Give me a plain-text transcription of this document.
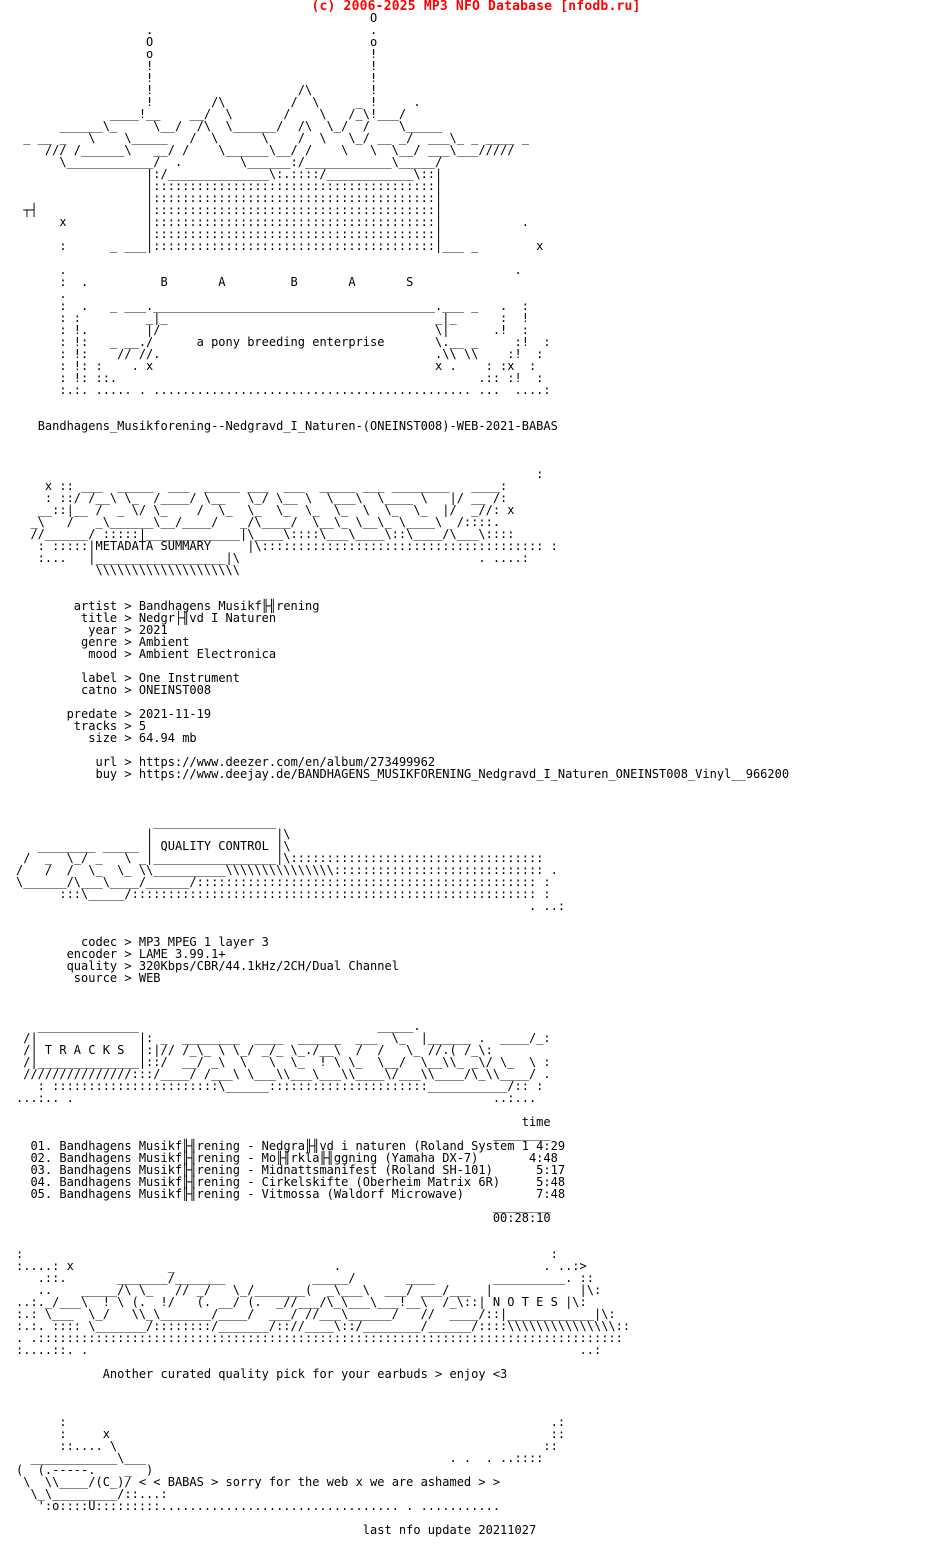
(c) 2006-2025 MP3 NFO Database [nfodb.ru]
O
.                              .
O                              o
o                              !
!                              !
!                              !
!                    /\        !
!        /\         /  \     _ !     .
____!__    __/  \       /    \   /_\!___/
______\_     \__/  /\  \______/  /\  \_/  /    \_____
_ __ _   \    \_____   /  \      \    /  \   \_/ __ _/  ___\_ _ ____ _
/// /______\   __/ /    \______\__/ /    \   \  \__/ ___\___/////
\____________/  .        \______:/____________\_____/
|:/______________\:.::::/____________\::|
|:::::::::::::::::::::::::::::::::::::::|
|:::::::::::::::::::::::::::::::::::::::|
┬┤               |:::::::::::::::::::::::::::::::::::::::|
x           |:::::::::::::::::::::::::::::::::::::::|           .
|:::::::::::::::::::::::::::::::::::::::|
:      _ ___|:::::::::::::::::::::::::::::::::::::::|___ _        x

.                                                              .
:  .          B       A         B       A       S
.
:  .   _ ___._______________________________________.___ _   .  :
: :         _|_                                     _|_      :  !
: !.        |/                                      \|      .!  :
: !:   _ __./      a pony breeding enterprise       \.__ _     :!  :
: !:    // //.                                      .\\ \\    :!  :
: !: :    . x                                       x .    : :x  :
: !: ::.                                                  .:: :!  :
:.:. ..... . ............................................ ...  ....:

Bandhagens_Musikforening--Nedgravd_I_Naturen-(ONEINST008)-WEB-2021-BABAS

:
x :: ___  _____  ___  _____ ___  ___  _____ ___ ________   ____:
: ::/ /__\ \_  /____/ \__   \_/ \__ \  \___\  \____ \   |/ __ /:
__::|__ /  _ \/ \_    /  \_  \_  \_  \_  \_  \  \_  \_  |/  _//: x
_\   /   _\______\__/____/   _/\____/  \__\_ \__\_ \____\  /::::.
//______/ :::::|_____________|\____\::::\___\____\::\____/\___\::::
: :::::|METADATA SUMMARY     |\::::::::::::::::::::::::::::::::::::::: :
:...   |__________________|\                                 . ....:
\\\\\\\\\\\\\\\\\\\\

artist > Bandhagens Musikf╟╢rening
title > Nedgr├╢vd I Naturen
year > 2021
genre > Ambient
mood > Ambient Electronica

label > One Instrument
catno > ONEINST008

predate > 2021-11-19
tracks > 5
size > 64.94 mb

url > https://www.deezer.com/en/album/273499962
buy > https://www.deejay.de/BANDHAGENS_MUSIKFORENING_Nedgravd_I_Naturen_ONEINST008_Vinyl__966200

_________________
|                 |\
________ _____ | QUALITY CONTROL |\
/  _  \_/ _   \ _|_________________|\:::::::::::::::::::::::::::::::::::
/   /  /  \_  \_ \\__________\\\\\\\\\\\\\\\::::::::::::::::::::::::::::: .
\______/\___\____/______/::::::::::::::::::::::::::::::::::::::::::::::: :
:::\_____/:::::::::::::::::::::::::::::::::::::::::::::::::::::::: :
. ..:

codec > MP3 MPEG 1 layer 3
encoder > LAME 3.99.1+
quality > 320Kbps/CBR/44.1kHz/2CH/Dual Channel
source > WEB

______________                                 _____.
/|              |: _  ________  ____  ______  ___  \_  |______ .  ____/_:
/| T R A C K S  |:|// /_\_ \ \_/ _/_ \_./__\  /  /   \_ //.( /_\:
/|______________|::/  __/ _\  \   \  \_  ! \ \_  \__/  \__\\_ _\/ \_  \ :
///////////////:::/____/ /___\ \___\\___\___\\____\/___\\____/\_\\____/ .
: :::::::::::::::::::::::\______::::::::::::::::::::::___________/:: :
...:.. .                                                          ..:...

time
________
01. Bandhagens Musikf╟╢rening - Nedgra╟╢vd i naturen (Roland System 1 4:29
02. Bandhagens Musikf╟╢rening - Mo╟╢rkla╟╢ggning (Yamaha DX-7)       4:48
03. Bandhagens Musikf╟╢rening - Midnattsmanifest (Roland SH-101)      5:17
04. Bandhagens Musikf╟╢rening - Cirkelskifte (Oberheim Matrix 6R)     5:48
05. Bandhagens Musikf╟╢rening - Vitmossa (Waldorf Microwave)          7:48
________
00:28:10

:                                                                         :
:....: x             _                      .                            . ..:>
.::.       _______/_______            _____/       ____        __________. ::
..    _____/\ \_   // _/   \_/_______(  _\___\  ___/ ___/___  |            |\:
..:._/___\  ! \ (.  !/   (. __/ (.  _//___/\_\___\___!__\  /_\::| N O T E S |\:
:.: \___  \_/   \\_\_______/____/  ___/ //___\______/   //  ____/::|____________|\:
:.:. :::: \_______/::::::::/_______/:://____\::/________/______/::::\\\\\\\\\\\\\\\::
. .:::::::::::::::::::::::::::::::::::::::::::::::::::::::::::::::::::::::::::::::::
:....::. .                                                                    ..:

Another curated quality pick for your earbuds > enjoy <3

:                                                                   .:
:     x                                                             ::
::.... \                                                           ::
____________\___                                          . .  . ..::::
(  (.-----.    _  )
\  \\____/(C_)/ < < BABAS > sorry for the web x we are ashamed > >
\_\_________/::...:
':o::::U:::::::::................................. . ...........

last nfo update 20211027
